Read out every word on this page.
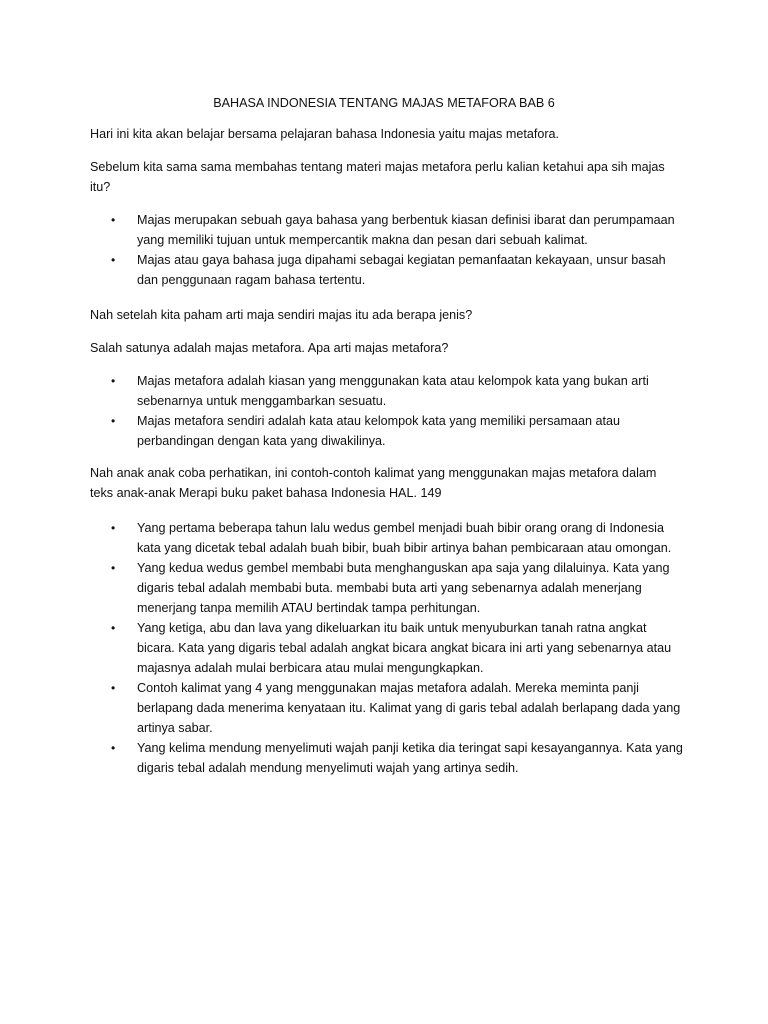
BAHASA INDONESIA TENTANG MAJAS METAFORA BAB 6

Hari ini kita akan belajar bersama pelajaran bahasa Indonesia yaitu majas metafora.

Sebelum kita sama sama membahas tentang materi majas metafora perlu kalian ketahui apa sih majas itu?

• Majas merupakan sebuah gaya bahasa yang berbentuk kiasan definisi ibarat dan perumpamaan yang memiliki tujuan untuk mempercantik makna dan pesan dari sebuah kalimat.
• Majas atau gaya bahasa juga dipahami sebagai kegiatan pemanfaatan kekayaan, unsur basah dan penggunaan ragam bahasa tertentu.

Nah setelah kita paham arti maja sendiri majas itu ada berapa jenis?

Salah satunya adalah majas metafora. Apa arti majas metafora?

• Majas metafora adalah kiasan yang menggunakan kata atau kelompok kata yang bukan arti sebenarnya untuk menggambarkan sesuatu.
• Majas metafora sendiri adalah kata atau kelompok kata yang memiliki persamaan atau perbandingan dengan kata yang diwakilinya.

Nah anak anak coba perhatikan, ini contoh-contoh kalimat yang menggunakan majas metafora dalam teks anak-anak Merapi buku paket bahasa Indonesia HAL. 149

• Yang pertama beberapa tahun lalu wedus gembel menjadi buah bibir orang orang di Indonesia kata yang dicetak tebal adalah buah bibir, buah bibir artinya bahan pembicaraan atau omongan.
• Yang kedua wedus gembel membabi buta menghanguskan apa saja yang dilaluinya. Kata yang digaris tebal adalah membabi buta. membabi buta arti yang sebenarnya adalah menerjang menerjang tanpa memilih ATAU bertindak tampa perhitungan.
• Yang ketiga, abu dan lava yang dikeluarkan itu baik untuk menyuburkan tanah ratna angkat bicara. Kata yang digaris tebal adalah angkat bicara angkat bicara ini arti yang sebenarnya atau majasnya adalah mulai berbicara atau mulai mengungkapkan.
• Contoh kalimat yang 4 yang menggunakan majas metafora adalah. Mereka meminta panji berlapang dada menerima kenyataan itu. Kalimat yang di garis tebal adalah berlapang dada yang artinya sabar.
• Yang kelima mendung menyelimuti wajah panji ketika dia teringat sapi kesayangannya. Kata yang digaris tebal adalah mendung menyelimuti wajah yang artinya sedih.
